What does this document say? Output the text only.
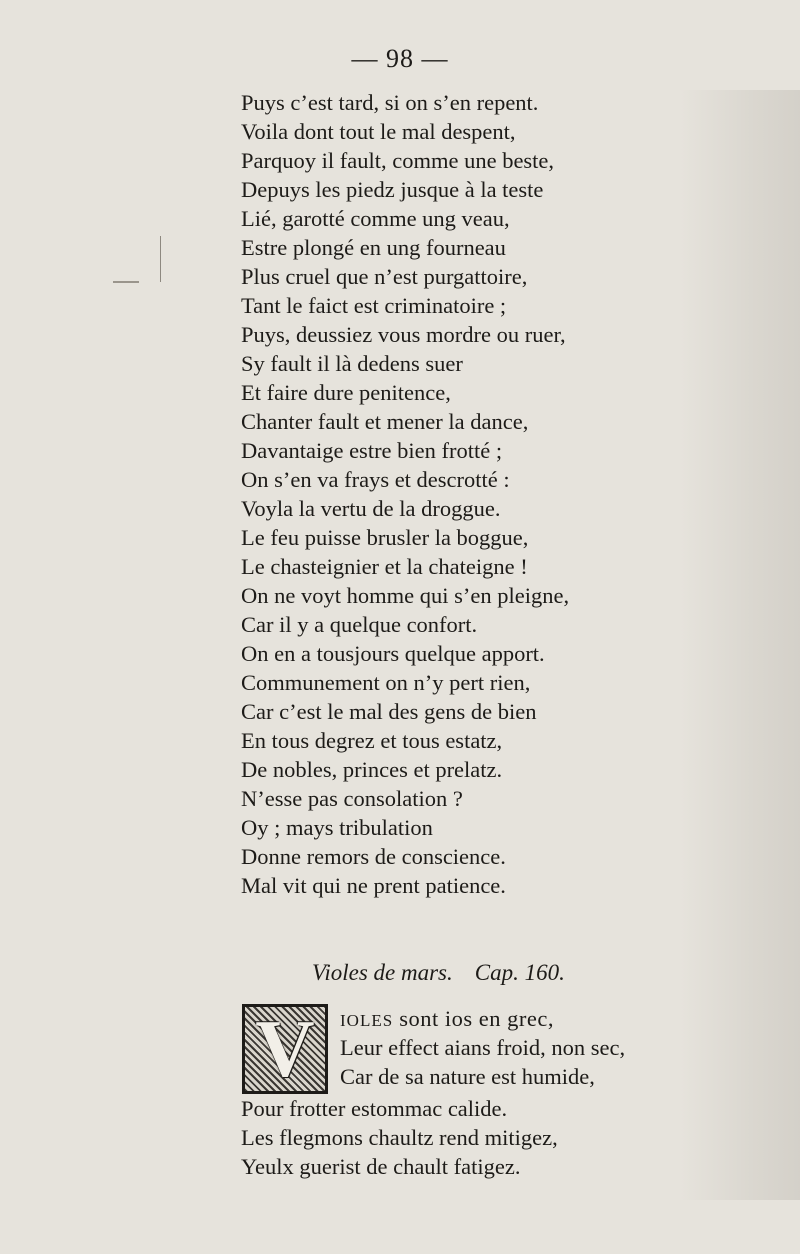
— 98 —
Puys c’est tard, si on s’en repent.
Voila dont tout le mal despent,
Parquoy il fault, comme une beste,
Depuys les piedz jusque à la teste
Lié, garotté comme ung veau,
Estre plongé en ung fourneau
Plus cruel que n’est purgattoire,
Tant le faict est criminatoire ;
Puys, deussiez vous mordre ou ruer,
Sy fault il là dedens suer
Et faire dure penitence,
Chanter fault et mener la dance,
Davantaige estre bien frotté ;
On s’en va frays et descrotté :
Voyla la vertu de la droggue.
Le feu puisse brusler la boggue,
Le chasteignier et la chateigne !
On ne voyt homme qui s’en pleigne,
Car il y a quelque confort.
On en a tousjours quelque apport.
Communement on n’y pert rien,
Car c’est le mal des gens de bien
En tous degrez et tous estatz,
De nobles, princes et prelatz.
N’esse pas consolation ?
Oy ; mays tribulation
Donne remors de conscience.
Mal vit qui ne prent patience.
Violes de mars. Cap. 160.
V IOLES sont ios en grec,
Leur effect aians froid, non sec,
Car de sa nature est humide,
Pour frotter estommac calide.
Les flegmons chaultz rend mitigez,
Yeulx guerist de chault fatigez.
